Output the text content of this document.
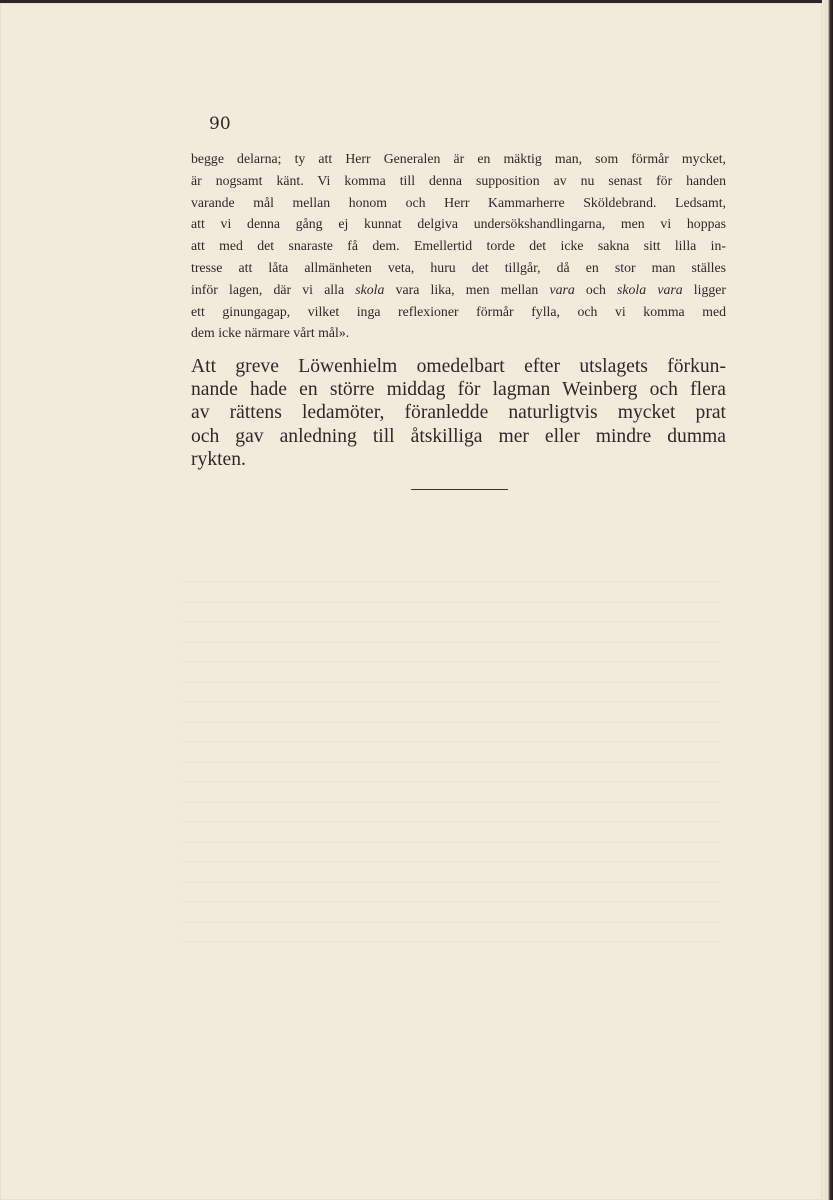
90
begge delarna; ty att Herr Generalen är en mäktig man, som förmår mycket,
är nogsamt känt. Vi komma till denna supposition av nu senast för handen
varande mål mellan honom och Herr Kammarherre Sköldebrand. Ledsamt,
att vi denna gång ej kunnat delgiva undersökshandlingarna, men vi hoppas
att med det snaraste få dem. Emellertid torde det icke sakna sitt lilla in-
tresse att låta allmänheten veta, huru det tillgår, då en stor man ställes
inför lagen, där vi alla skola vara lika, men mellan vara och skola vara ligger
ett ginungagap, vilket inga reflexioner förmår fylla, och vi komma med
dem icke närmare vårt mål».
Att greve Löwenhielm omedelbart efter utslagets förkun-
nande hade en större middag för lagman Weinberg och flera
av rättens ledamöter, föranledde naturligtvis mycket prat
och gav anledning till åtskilliga mer eller mindre dumma
rykten.
